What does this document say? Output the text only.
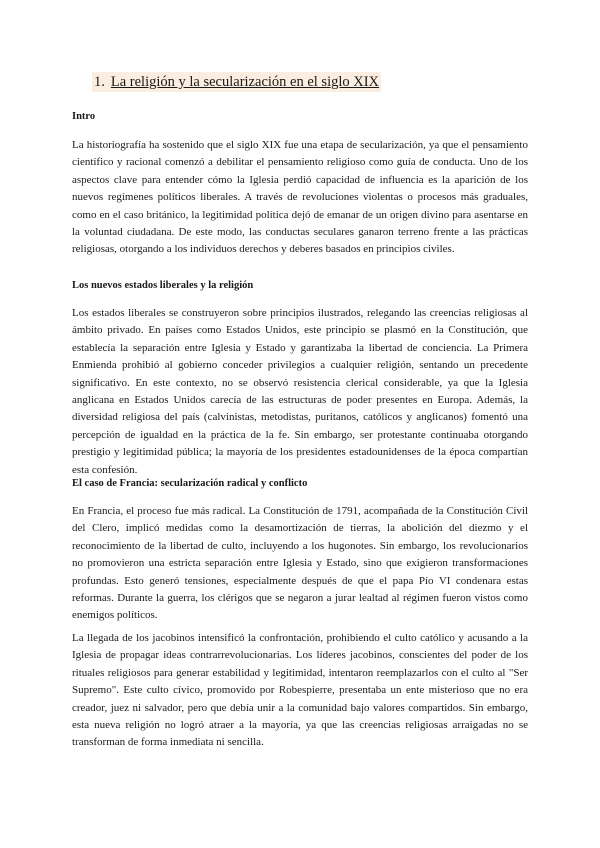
1. La religión y la secularización en el siglo XIX
Intro

La historiografía ha sostenido que el siglo XIX fue una etapa de secularización, ya que el pensamiento científico y racional comenzó a debilitar el pensamiento religioso como guía de conducta. Uno de los aspectos clave para entender cómo la Iglesia perdió capacidad de influencia es la aparición de los nuevos regímenes políticos liberales. A través de revoluciones violentas o procesos más graduales, como en el caso británico, la legitimidad política dejó de emanar de un origen divino para asentarse en la voluntad ciudadana. De este modo, las conductas seculares ganaron terreno frente a las prácticas religiosas, otorgando a los individuos derechos y deberes basados en principios civiles.

Los nuevos estados liberales y la religión

Los estados liberales se construyeron sobre principios ilustrados, relegando las creencias religiosas al ámbito privado. En países como Estados Unidos, este principio se plasmó en la Constitución, que establecía la separación entre Iglesia y Estado y garantizaba la libertad de conciencia. La Primera Enmienda prohibió al gobierno conceder privilegios a cualquier religión, sentando un precedente significativo. En este contexto, no se observó resistencia clerical considerable, ya que la Iglesia anglicana en Estados Unidos carecía de las estructuras de poder presentes en Europa. Además, la diversidad religiosa del país (calvinistas, metodistas, puritanos, católicos y anglicanos) fomentó una percepción de igualdad en la práctica de la fe. Sin embargo, ser protestante continuaba otorgando prestigio y legitimidad pública; la mayoría de los presidentes estadounidenses de la época compartían esta confesión.

El caso de Francia: secularización radical y conflicto

En Francia, el proceso fue más radical. La Constitución de 1791, acompañada de la Constitución Civil del Clero, implicó medidas como la desamortización de tierras, la abolición del diezmo y el reconocimiento de la libertad de culto, incluyendo a los hugonotes. Sin embargo, los revolucionarios no promovieron una estricta separación entre Iglesia y Estado, sino que exigieron transformaciones profundas. Esto generó tensiones, especialmente después de que el papa Pío VI condenara estas reformas. Durante la guerra, los clérigos que se negaron a jurar lealtad al régimen fueron vistos como enemigos políticos.

La llegada de los jacobinos intensificó la confrontación, prohibiendo el culto católico y acusando a la Iglesia de propagar ideas contrarrevolucionarias. Los líderes jacobinos, conscientes del poder de los rituales religiosos para generar estabilidad y legitimidad, intentaron reemplazarlos con el culto al "Ser Supremo". Este culto cívico, promovido por Robespierre, presentaba un ente misterioso que no era creador, juez ni salvador, pero que debía unir a la comunidad bajo valores compartidos. Sin embargo, esta nueva religión no logró atraer a la mayoría, ya que las creencias religiosas arraigadas no se transforman de forma inmediata ni sencilla.
